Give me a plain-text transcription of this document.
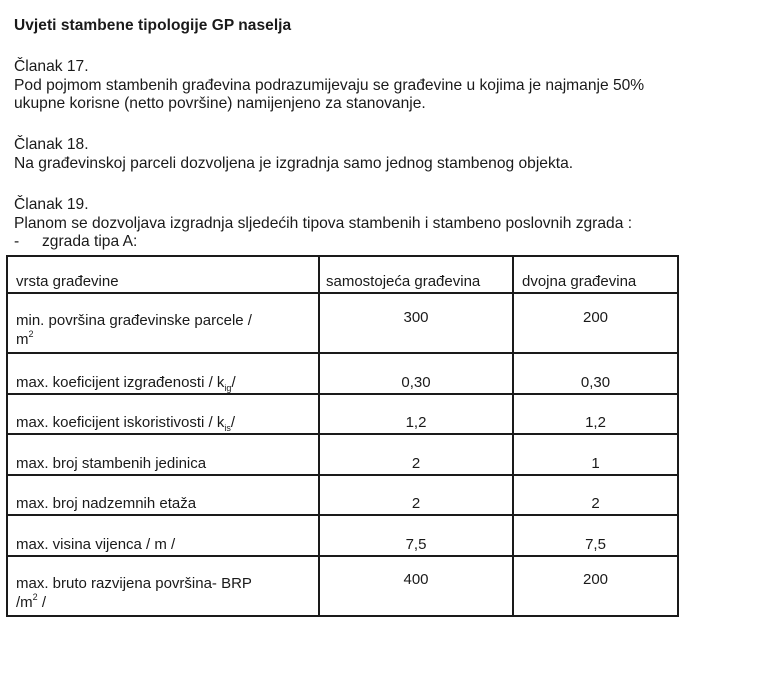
Uvjeti stambene tipologije GP naselja
Članak 17.
Pod pojmom stambenih građevina podrazumijevaju se građevine u kojima je najmanje 50%
ukupne korisne (netto površine) namijenjeno za stanovanje.
Članak 18.
Na građevinskoj parceli dozvoljena je izgradnja samo jednog stambenog objekta.
Članak 19.
Planom se dozvoljava izgradnja sljedećih tipova stambenih i stambeno poslovnih zgrada :
- zgrada tipa A:
vrsta građevine	samostojeća građevina	dvojna građevina

min. površina građevinske parcele /
$m^2$	300	200

max. koeficijent izgrađenosti / $k_{ig}/$	0,30	0,30

max. koeficijent iskoristivosti / $k_{is}/$	1,2	1,2

max. broj stambenih jedinica	2	1

max. broj nadzemnih etaža	2	2

max. visina vijenca / m /	7,5	7,5

max. bruto razvijena površina- BRP
$/m^2$ /	400	200
